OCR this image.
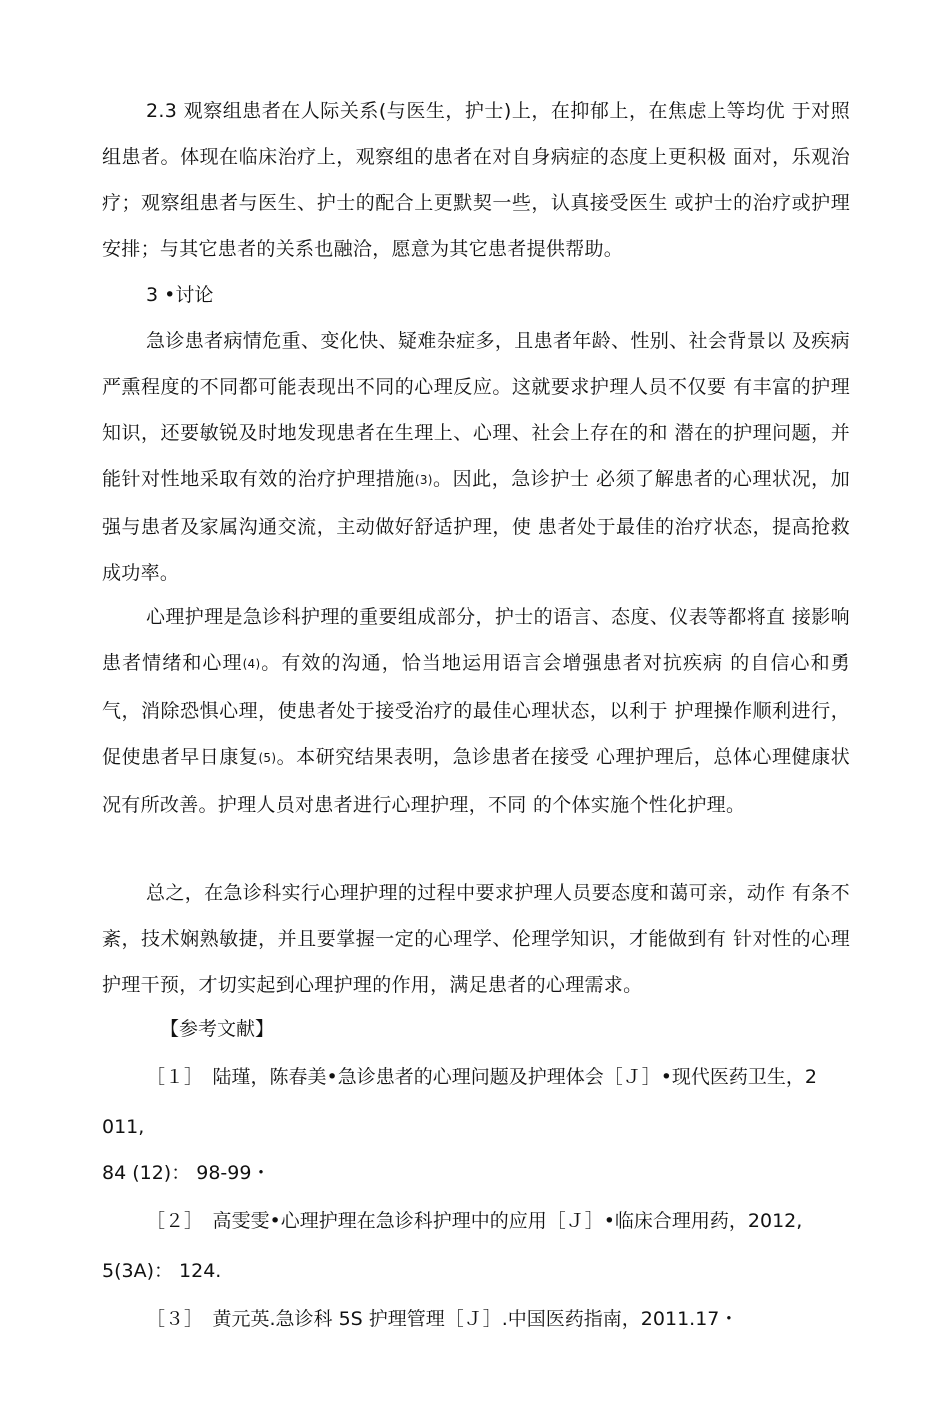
2.3 观察组患者在人际关系(与医生，护士)上，在抑郁上，在焦虑上等均优 于对照组患者。体现在临床治疗上，观察组的患者在对自身病症的态度上更积极 面对，乐观治疗；观察组患者与医生、护士的配合上更默契一些，认真接受医生 或护士的治疗或护理安排；与其它患者的关系也融洽，愿意为其它患者提供帮助。

3 •讨论

急诊患者病情危重、变化快、疑难杂症多，且患者年龄、性别、社会背景以 及疾病严熏程度的不同都可能表现出不同的心理反应。这就要求护理人员不仅要 有丰富的护理知识，还要敏锐及时地发现患者在生理上、心理、社会上存在的和 潜在的护理问题，并能针对性地采取有效的治疗护理措施(3)。因此，急诊护士 必须了解患者的心理状况，加强与患者及家属沟通交流，主动做好舒适护理，使 患者处于最佳的治疗状态，提高抢救成功率。

心理护理是急诊科护理的重要组成部分，护士的语言、态度、仪表等都将直 接影响患者情绪和心理(4)。有效的沟通，恰当地运用语言会增强患者对抗疾病 的自信心和勇气，消除恐惧心理，使患者处于接受治疗的最佳心理状态，以利于 护理操作顺利进行，促使患者早日康复(5)。本研究结果表明，急诊患者在接受 心理护理后，总体心理健康状况有所改善。护理人员对患者进行心理护理，不同 的个体实施个性化护理。

总之，在急诊科实行心理护理的过程中要求护理人员要态度和蔼可亲，动作 有条不紊，技术娴熟敏捷，并且要掌握一定的心理学、伦理学知识，才能做到有 针对性的心理护理干预，才切实起到心理护理的作用，满足患者的心理需求。

【参考文献】

［１］　陆瑾，陈春美•急诊患者的心理问题及护理体会［Ｊ］•现代医药卫生，2

011,

84 (12)： 98-99・

［２］　高雯雯•心理护理在急诊科护理中的应用［Ｊ］•临床合理用药，2012,

5(3A)： 124.

［３］　黄元英.急诊科 5S 护理管理［Ｊ］.中国医药指南，2011.17・
